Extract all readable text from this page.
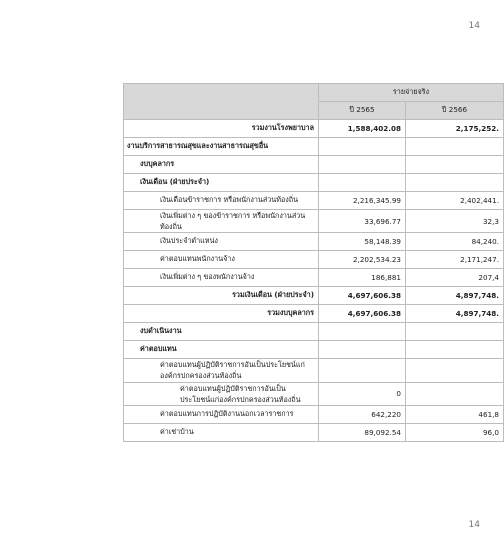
14
	รายจ่ายจริง	
	ปี 2565	ปี 2566
รวมงานโรงพยาบาล	1,588,402.08	2,175,252.
งานบริการสาธารณสุขและงานสาธารณสุขอื่น		
งบบุคลากร		
เงินเดือน (ฝ่ายประจำ)		
เงินเดือนข้าราชการ หรือพนักงานส่วนท้องถิ่น	2,216,345.99	2,402,441.
เงินเพิ่มต่าง ๆ ของข้าราชการ หรือพนักงานส่วนท้องถิ่น	33,696.77	32,3
เงินประจำตำแหน่ง	58,148.39	84,240.
ค่าตอบแทนพนักงานจ้าง	2,202,534.23	2,171,247.
เงินเพิ่มต่าง ๆ ของพนักงานจ้าง	186,881	207,4
รวมเงินเดือน (ฝ่ายประจำ)	4,697,606.38	4,897,748.
รวมงบบุคลากร	4,697,606.38	4,897,748.
งบดำเนินงาน		
ค่าตอบแทน		
ค่าตอบแทนผู้ปฏิบัติราชการอันเป็นประโยชน์แก่องค์กรปกครองส่วนท้องถิ่น		
ค่าตอบแทนผู้ปฏิบัติราชการอันเป็นประโยชน์แก่องค์กรปกครองส่วนท้องถิ่น	0	
ค่าตอบแทนการปฏิบัติงานนอกเวลาราชการ	642,220	461,8
ค่าเช่าบ้าน	89,092.54	96,0
14
